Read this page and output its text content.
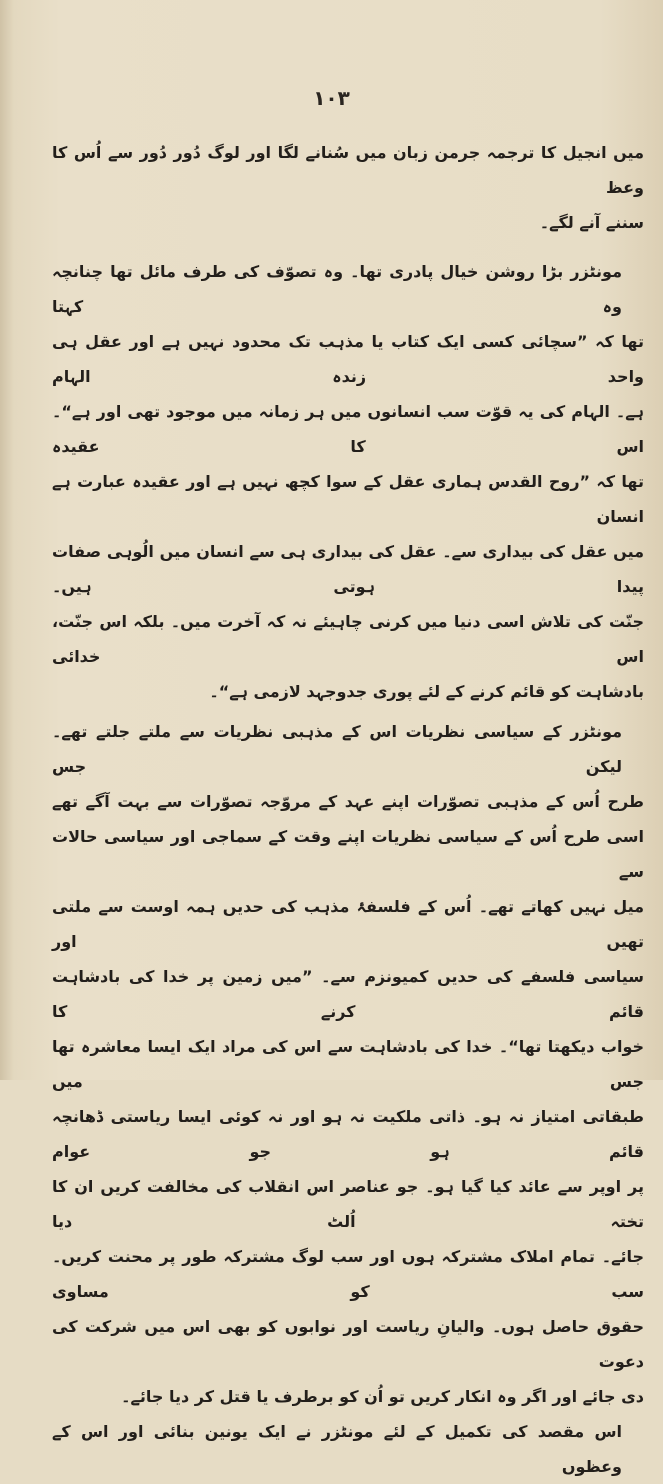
۱۰۳
میں انجیل کا ترجمہ جرمن زبان میں سُنانے لگا اور لوگ دُور دُور سے اُس کا وعظ
سننے آنے لگے۔
مونٹزر بڑا روشن خیال پادری تھا۔ وہ تصوّف کی طرف مائل تھا چنانچہ وہ کہتا
تھا کہ ”سچائی کسی ایک کتاب یا مذہب تک محدود نہیں ہے اور عقل ہی واحد زندہ الہام
ہے۔ الہام کی یہ قوّت سب انسانوں میں ہر زمانہ میں موجود تھی اور ہے“۔ اس کا عقیدہ
تھا کہ ”روح القدس ہماری عقل کے سوا کچھ نہیں ہے اور عقیدہ عبارت ہے انسان
میں عقل کی بیداری سے۔ عقل کی بیداری ہی سے انسان میں الُوہی صفات پیدا ہوتی ہیں۔
جنّت کی تلاش اسی دنیا میں کرنی چاہیئے نہ کہ آخرت میں۔ بلکہ اس جنّت، اس خدائی
بادشاہت کو قائم کرنے کے لئے پوری جدوجہد لازمی ہے“۔
مونٹزر کے سیاسی نظریات اس کے مذہبی نظریات سے ملتے جلتے تھے۔ لیکن جس
طرح اُس کے مذہبی تصوّرات اپنے عہد کے مروّجہ تصوّرات سے بہت آگے تھے
اسی طرح اُس کے سیاسی نظریات اپنے وقت کے سماجی اور سیاسی حالات سے
میل نہیں کھاتے تھے۔ اُس کے فلسفۂ مذہب کی حدیں ہمہ اوست سے ملتی تھیں اور
سیاسی فلسفے کی حدیں کمیونزم سے۔ ”میں زمین پر خدا کی بادشاہت قائم کرنے کا
خواب دیکھتا تھا“۔ خدا کی بادشاہت سے اس کی مراد ایک ایسا معاشرہ تھا جس میں
طبقاتی امتیاز نہ ہو۔ ذاتی ملکیت نہ ہو اور نہ کوئی ایسا ریاستی ڈھانچہ قائم ہو جو عوام
پر اوپر سے عائد کیا گیا ہو۔ جو عناصر اس انقلاب کی مخالفت کریں ان کا تختہ اُلٹ دیا
جائے۔ تمام املاک مشترکہ ہوں اور سب لوگ مشترکہ طور پر محنت کریں۔ سب کو مساوی
حقوق حاصل ہوں۔ والیانِ ریاست اور نوابوں کو بھی اس میں شرکت کی دعوت
دی جائے اور اگر وہ انکار کریں تو اُن کو برطرف یا قتل کر دیا جائے۔
اس مقصد کی تکمیل کے لئے مونٹزر نے ایک یونین بنائی اور اس کے وعظوں
